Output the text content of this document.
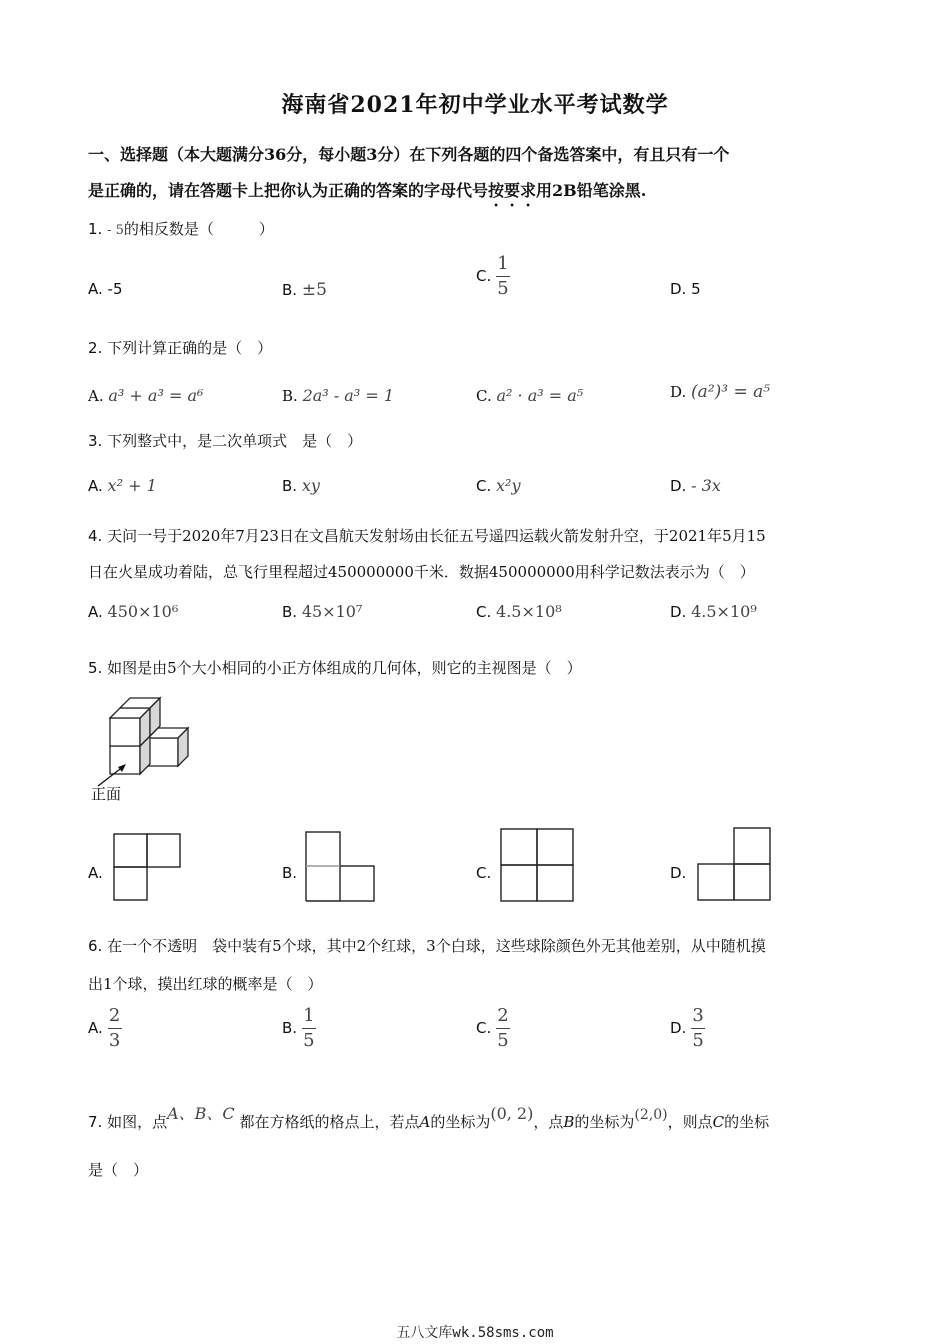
海南省2021年初中学业水平考试数学
一、选择题（本大题满分36分，每小题3分）在下列各题的四个备选答案中，有且只有一个
是正确的，请在答题卡上把你认为正确的答案的字母代号按要求用2B铅笔涂黑.
1. - 5的相反数是（　　　）
A. -5	B. ±5
C. $\frac{1}{5}$	D. 5
2. 下列计算正确的是（　）
A. a³ + a³ = a⁶	B. 2a³ - a³ = 1	C. a² · a³ = a⁵	D. (a²)³ = a⁵
3. 下列整式中，是二次单项式　是（　）
A. x² + 1	B. xy	C. x²y	D. - 3x
4. 天问一号于2020年7月23日在文昌航天发射场由长征五号遥四运载火箭发射升空，于2021年5月15
日在火星成功着陆，总飞行里程超过450000000千米．数据450000000用科学记数法表示为（　）
A. 450×10⁶	B. 45×10⁷	C. 4.5×10⁸	D. 4.5×10⁹
5. 如图是由5个大小相同的小正方体组成的几何体，则它的主视图是（　）
正面
A.	B.	C.	D.
6. 在一个不透明　袋中装有5个球，其中2个红球，3个白球，这些球除颜色外无其他差别，从中随机摸
出1个球，摸出红球的概率是（　）
A. $\frac{2}{3}$	B. $\frac{1}{5}$	C. $\frac{2}{5}$	D. $\frac{3}{5}$
7. 如图，点A、B、C 都在方格纸的格点上，若点A的坐标为(0, 2)，点B的坐标为(2,0)，则点C的坐标
是（　）
五八文库wk.58sms.com
